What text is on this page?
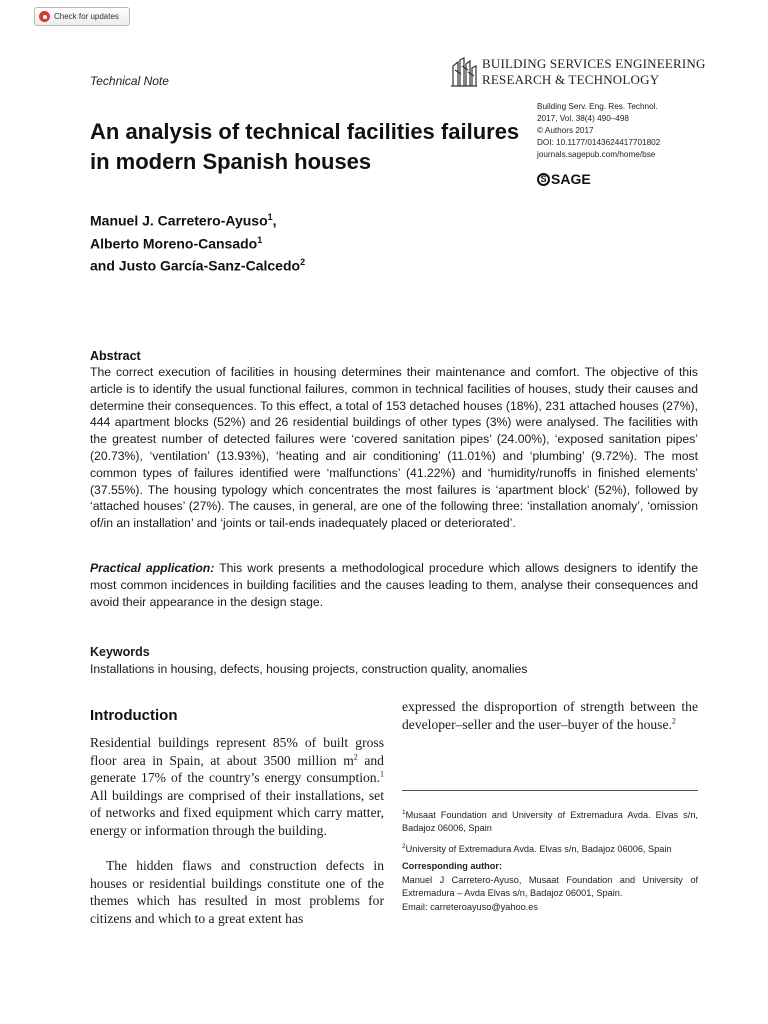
Check for updates
Technical Note
BUILDING SERVICES ENGINEERING
RESEARCH & TECHNOLOGY
Building Serv. Eng. Res. Technol.
2017, Vol. 38(4) 490–498
© Authors 2017
DOI: 10.1177/0143624417701802
journals.sagepub.com/home/bse
S SAGE
An analysis of technical facilities failures in modern Spanish houses
Manuel J. Carretero-Ayuso$^1$,
Alberto Moreno-Cansado$^1$
and Justo García-Sanz-Calcedo$^2$
Abstract

The correct execution of facilities in housing determines their maintenance and comfort. The objective of this article is to identify the usual functional failures, common in technical facilities of houses, study their causes and determine their consequences. To this effect, a total of 153 detached houses (18%), 231 attached houses (27%), 444 apartment blocks (52%) and 26 residential buildings of other types (3%) were analysed. The facilities with the greatest number of detected failures were ‘covered sanitation pipes’ (24.00%), ‘exposed sanitation pipes’ (20.73%), ‘ventilation’ (13.93%), ‘heating and air conditioning’ (11.01%) and ‘plumbing’ (9.72%). The most common types of failures identified were ‘malfunctions’ (41.22%) and ‘humidity/runoffs in finished elements’ (37.55%). The housing typology which concentrates the most failures is ‘apartment block’ (52%), followed by ‘attached houses’ (27%). The causes, in general, are one of the following three: ‘installation anomaly’, ‘omission of/in an installation’ and ‘joints or tail-ends inadequately placed or deteriorated’.

Practical application: This work presents a methodological procedure which allows designers to identify the most common incidences in building facilities and the causes leading to them, analyse their consequences and avoid their appearance in the design stage.

Keywords
Installations in housing, defects, housing projects, construction quality, anomalies
Introduction

Residential buildings represent 85% of built gross floor area in Spain, at about 3500 million m$^2$ and generate 17% of the country’s energy consumption.$^1$ All buildings are comprised of their installations, set of networks and fixed equipment which carry matter, energy or information through the building.

The hidden flaws and construction defects in houses or residential buildings constitute one of the themes which has resulted in most problems for citizens and which to a great extent has

expressed the disproportion of strength between the developer–seller and the user–buyer of the house.$^2$

$^1$Musaat Foundation and University of Extremadura Avda. Elvas s/n, Badajoz 06006, Spain

$^2$University of Extremadura Avda. Elvas s/n, Badajoz 06006, Spain

Corresponding author:

Manuel J Carretero-Ayuso, Musaat Foundation and University of Extremadura – Avda Elvas s/n, Badajoz 06001, Spain.

Email: carreteroayuso@yahoo.es
